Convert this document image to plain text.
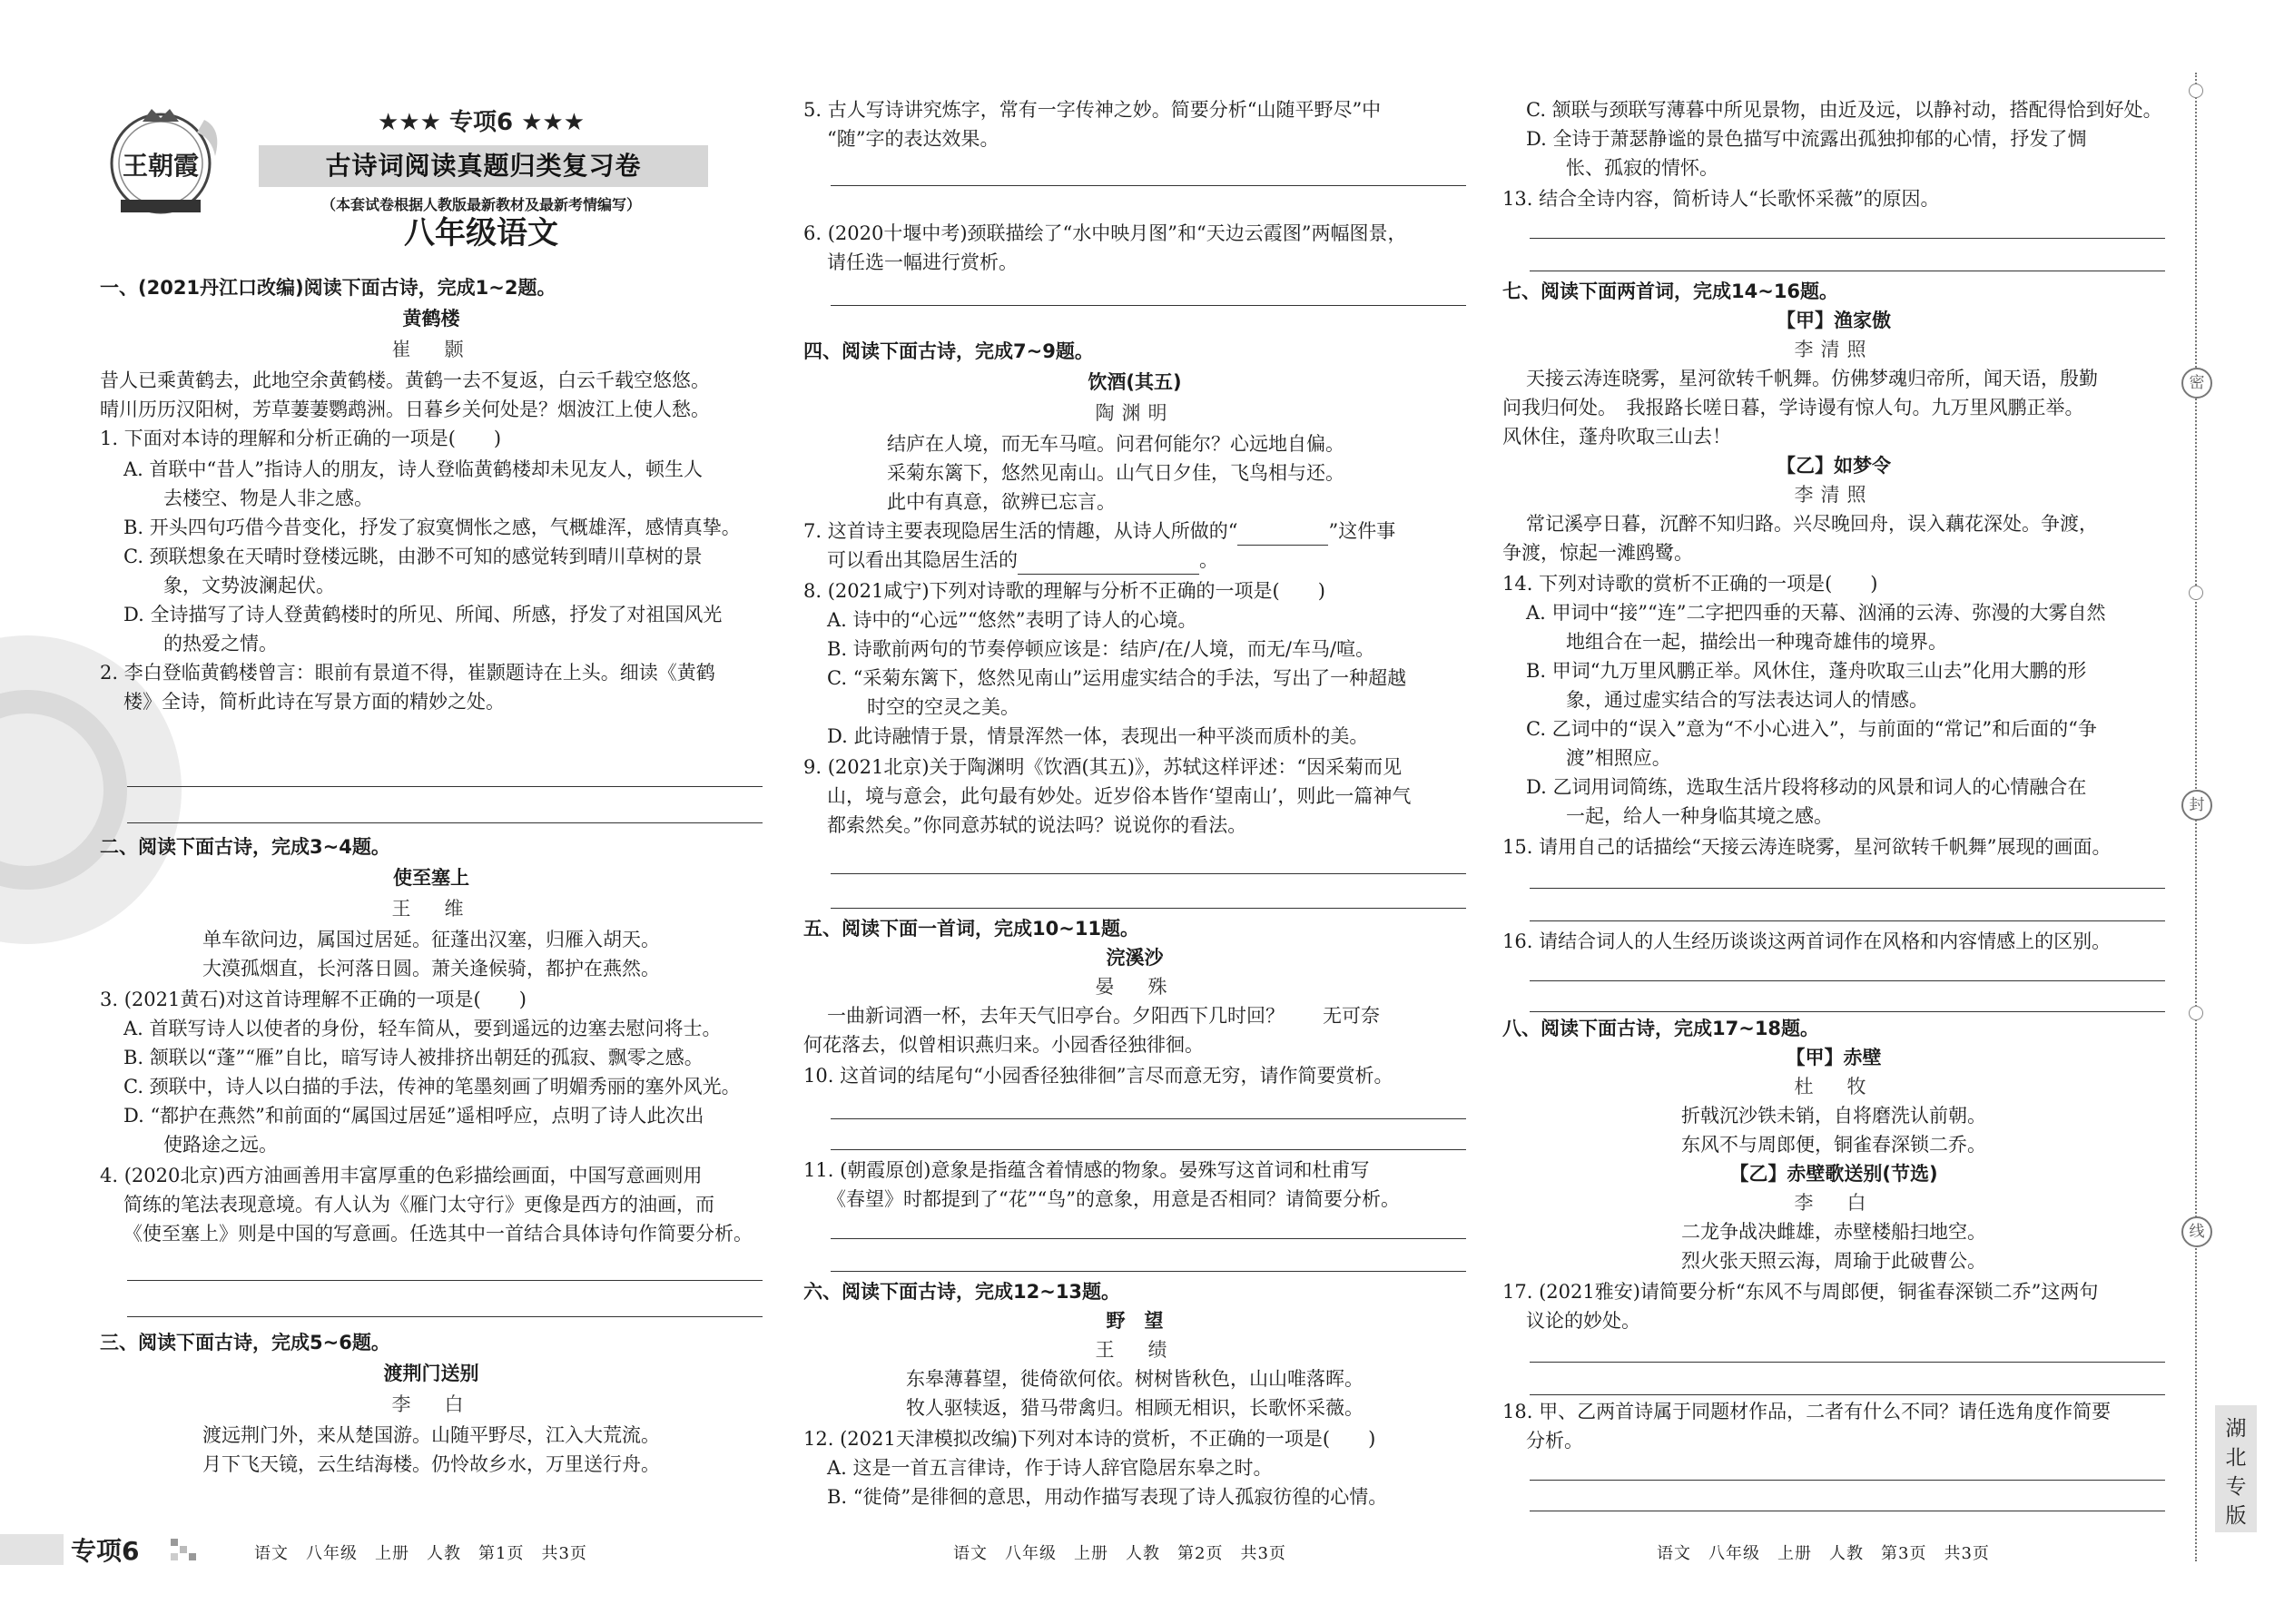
王朝霞
★★★ 专项6 ★★★
古诗词阅读真题归类复习卷
（本套试卷根据人教版最新教材及最新考情编写）
八年级语文
一、(2021丹江口改编)阅读下面古诗，完成1~2题。
黄鹤楼
崔　颢
昔人已乘黄鹤去，此地空余黄鹤楼。黄鹤一去不复返，白云千载空悠悠。
晴川历历汉阳树，芳草萋萋鹦鹉洲。日暮乡关何处是？烟波江上使人愁。
1. 下面对本诗的理解和分析正确的一项是(　　)
A. 首联中“昔人”指诗人的朋友，诗人登临黄鹤楼却未见友人，顿生人
去楼空、物是人非之感。
B. 开头四句巧借今昔变化，抒发了寂寞惆怅之感，气概雄浑，感情真挚。
C. 颈联想象在天晴时登楼远眺，由渺不可知的感觉转到晴川草树的景
象，文势波澜起伏。
D. 全诗描写了诗人登黄鹤楼时的所见、所闻、所感，抒发了对祖国风光
的热爱之情。
2. 李白登临黄鹤楼曾言：眼前有景道不得，崔颢题诗在上头。细读《黄鹤
楼》全诗，简析此诗在写景方面的精妙之处。
二、阅读下面古诗，完成3~4题。
使至塞上
王　维
单车欲问边，属国过居延。征蓬出汉塞，归雁入胡天。
大漠孤烟直，长河落日圆。萧关逢候骑，都护在燕然。
3. (2021黄石)对这首诗理解不正确的一项是(　　)
A. 首联写诗人以使者的身份，轻车简从，要到遥远的边塞去慰问将士。
B. 颔联以“蓬”“雁”自比，暗写诗人被排挤出朝廷的孤寂、飘零之感。
C. 颈联中，诗人以白描的手法，传神的笔墨刻画了明媚秀丽的塞外风光。
D. “都护在燕然”和前面的“属国过居延”遥相呼应，点明了诗人此次出
使路途之远。
4. (2020北京)西方油画善用丰富厚重的色彩描绘画面，中国写意画则用
简练的笔法表现意境。有人认为《雁门太守行》更像是西方的油画，而
《使至塞上》则是中国的写意画。任选其中一首结合具体诗句作简要分析。
三、阅读下面古诗，完成5~6题。
渡荆门送别
李　白
渡远荆门外，来从楚国游。山随平野尽，江入大荒流。
月下飞天镜，云生结海楼。仍怜故乡水，万里送行舟。
5. 古人写诗讲究炼字，常有一字传神之妙。简要分析“山随平野尽”中
“随”字的表达效果。
6. (2020十堰中考)颈联描绘了“水中映月图”和“天边云霞图”两幅图景，
请任选一幅进行赏析。
四、阅读下面古诗，完成7~9题。
饮酒(其五)
陶渊明
结庐在人境，而无车马喧。问君何能尔？心远地自偏。
采菊东篱下，悠然见南山。山气日夕佳，飞鸟相与还。
此中有真意，欲辨已忘言。
7. 这首诗主要表现隐居生活的情趣，从诗人所做的“	”这件事
可以看出其隐居生活的	。
8. (2021咸宁)下列对诗歌的理解与分析不正确的一项是(　　)
A. 诗中的“心远”“悠然”表明了诗人的心境。
B. 诗歌前两句的节奏停顿应该是：结庐/在/人境，而无/车马/喧。
C. “采菊东篱下，悠然见南山”运用虚实结合的手法，写出了一种超越
时空的空灵之美。
D. 此诗融情于景，情景浑然一体，表现出一种平淡而质朴的美。
9. (2021北京)关于陶渊明《饮酒(其五)》，苏轼这样评述：“因采菊而见
山，境与意会，此句最有妙处。近岁俗本皆作‘望南山’，则此一篇神气
都索然矣。”你同意苏轼的说法吗？说说你的看法。
五、阅读下面一首词，完成10~11题。
浣溪沙
晏　殊
一曲新词酒一杯，去年天气旧亭台。夕阳西下几时回？　　无可奈
何花落去，似曾相识燕归来。小园香径独徘徊。
10. 这首词的结尾句“小园香径独徘徊”言尽而意无穷，请作简要赏析。
11. (朝霞原创)意象是指蕴含着情感的物象。晏殊写这首词和杜甫写
《春望》时都提到了“花”“鸟”的意象，用意是否相同？请简要分析。
六、阅读下面古诗，完成12~13题。
野　望
王　绩
东皋薄暮望，徙倚欲何依。树树皆秋色，山山唯落晖。
牧人驱犊返，猎马带禽归。相顾无相识，长歌怀采薇。
12. (2021天津模拟改编)下列对本诗的赏析，不正确的一项是(　　)
A. 这是一首五言律诗，作于诗人辞官隐居东皋之时。
B. “徙倚”是徘徊的意思，用动作描写表现了诗人孤寂彷徨的心情。
C. 颔联与颈联写薄暮中所见景物，由近及远，以静衬动，搭配得恰到好处。
D. 全诗于萧瑟静谧的景色描写中流露出孤独抑郁的心情，抒发了惆
怅、孤寂的情怀。
13. 结合全诗内容，简析诗人“长歌怀采薇”的原因。
七、阅读下面两首词，完成14~16题。
【甲】渔家傲
李清照
天接云涛连晓雾，星河欲转千帆舞。仿佛梦魂归帝所，闻天语，殷勤
问我归何处。　我报路长嗟日暮，学诗谩有惊人句。九万里风鹏正举。
风休住，蓬舟吹取三山去！
【乙】如梦令
李清照
常记溪亭日暮，沉醉不知归路。兴尽晚回舟，误入藕花深处。争渡，
争渡，惊起一滩鸥鹭。
14. 下列对诗歌的赏析不正确的一项是(　　)
A. 甲词中“接”“连”二字把四垂的天幕、汹涌的云涛、弥漫的大雾自然
地组合在一起，描绘出一种瑰奇雄伟的境界。
B. 甲词“九万里风鹏正举。风休住，蓬舟吹取三山去”化用大鹏的形
象，通过虚实结合的写法表达词人的情感。
C. 乙词中的“误入”意为“不小心进入”，与前面的“常记”和后面的“争
渡”相照应。
D. 乙词用词简练，选取生活片段将移动的风景和词人的心情融合在
一起，给人一种身临其境之感。
15. 请用自己的话描绘“天接云涛连晓雾，星河欲转千帆舞”展现的画面。
16. 请结合词人的人生经历谈谈这两首词作在风格和内容情感上的区别。
八、阅读下面古诗，完成17~18题。
【甲】赤壁
杜　牧
折戟沉沙铁未销，自将磨洗认前朝。
东风不与周郎便，铜雀春深锁二乔。
【乙】赤壁歌送别(节选)
李　白
二龙争战决雌雄，赤壁楼船扫地空。
烈火张天照云海，周瑜于此破曹公。
17. (2021雅安)请简要分析“东风不与周郎便，铜雀春深锁二乔”这两句
议论的妙处。
18. 甲、乙两首诗属于同题材作品，二者有什么不同？请任选角度作简要
分析。
专项6	语文　八年级　上册　人教　第1页　共3页	语文　八年级　上册　人教　第2页　共3页	语文　八年级　上册　人教　第3页　共3页
密
封
线
湖
北
专
版
